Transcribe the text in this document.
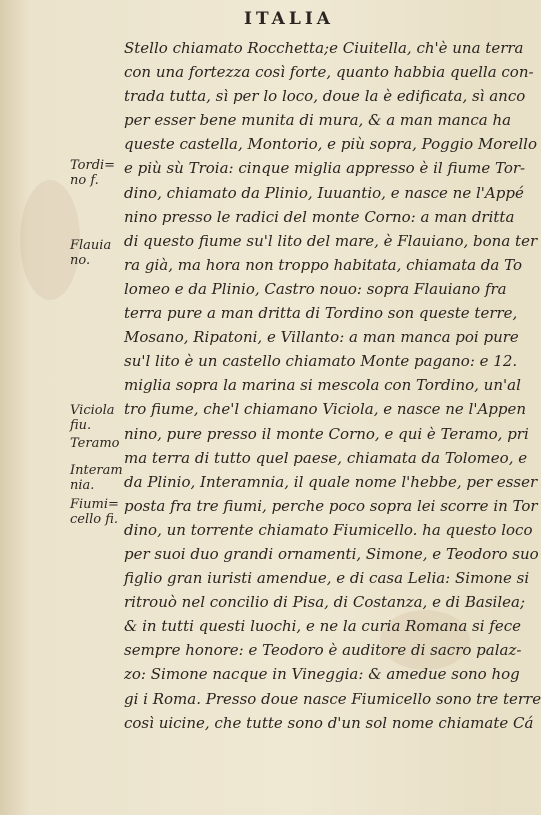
ITALIA
Stello chiamato Rocchetta;e Ciuitella, ch'è una terra
con una fortezza così forte, quanto habbia quella con-
trada tutta, sì per lo loco, doue la è edificata, sì anco
per esser bene munita di mura, & a man manca ha
queste castella, Montorio, e più sopra, Poggio Morello
e più sù Troia: cinque miglia appresso è il fiume Tor-
dino, chiamato da Plinio, Iuuantio, e nasce ne l'Appé
nino presso le radici del monte Corno: a man dritta
di questo fiume su'l lito del mare, è Flauiano, bona ter
ra già, ma hora non troppo habitata, chiamata da To
lomeo e da Plinio, Castro nouo: sopra Flauiano fra
terra pure a man dritta di Tordino son queste terre,
Mosano, Ripatoni, e Villanto: a man manca poi pure
su'l lito è un castello chiamato Monte pagano: e 12.
miglia sopra la marina si mescola con Tordino, un'al
tro fiume, che'l chiamano Viciola, e nasce ne l'Appen
nino, pure presso il monte Corno, e qui è Teramo, pri
ma terra di tutto quel paese, chiamata da Tolomeo, e
da Plinio, Interamnia, il quale nome l'hebbe, per esser
posta fra tre fiumi, perche poco sopra lei scorre in Tor
dino, un torrente chiamato Fiumicello. ha questo loco
per suoi duo grandi ornamenti, Simone, e Teodoro suo
figlio gran iuristi amendue, e di casa Lelia: Simone si
ritrouò nel concilio di Pisa, di Costanza, e di Basilea;
& in tutti questi luochi, e ne la curia Romana si fece
sempre honore: e Teodoro è auditore di sacro palaz-
zo: Simone nacque in Vineggia: & amedue sono hog
gi i Roma. Presso doue nasce Fiumicello sono tre terre
così uicine, che tutte sono d'un sol nome chiamate Cá
Tordi=
no f.
Flauia
no.
Viciola
fiu.
Teramo
Interam
nia.
Fiumi=
cello fi.
